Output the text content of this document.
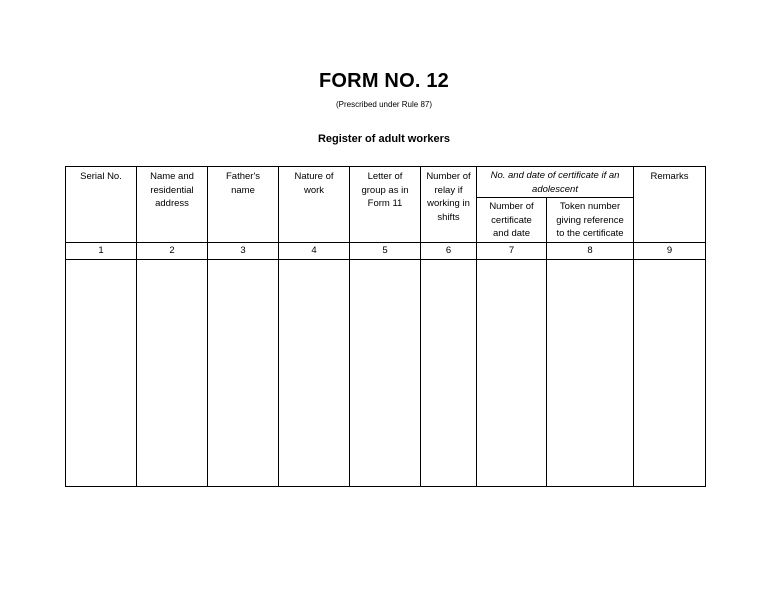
FORM NO. 12
(Prescribed under Rule 87)
Register of adult workers
Serial No.	Name and residential address	Father's name	Nature of work	Letter of group as in Form 11	Number of relay if working in shifts	No. and date of certificate if an adolescent		Remarks
						Number of certificate and date	Token number giving reference to the certificate	
1	2	3	4	5	6	7	8	9
